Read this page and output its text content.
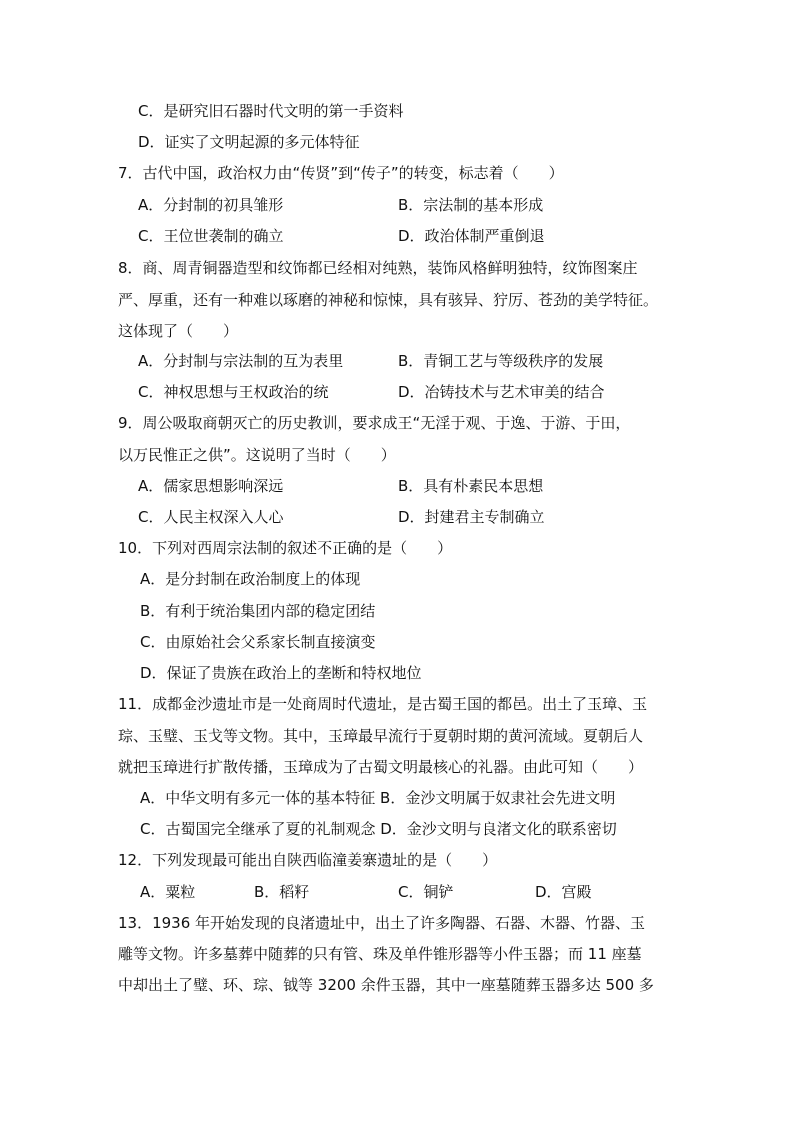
C．是研究旧石器时代文明的第一手资料
D．证实了文明起源的多元体特征
7．古代中国，政治权力由“传贤”到“传子”的转变，标志着（　　）
A．分封制的初具雏形	B．宗法制的基本形成
C．王位世袭制的确立	D．政治体制严重倒退
8．商、周青铜器造型和纹饰都已经相对纯熟，装饰风格鲜明独特，纹饰图案庄
严、厚重，还有一种难以琢磨的神秘和惊悚，具有骇异、狞厉、苍劲的美学特征。
这体现了（　　）
A．分封制与宗法制的互为表里	B．青铜工艺与等级秩序的发展
C．神权思想与王权政治的统	D．冶铸技术与艺术审美的结合
9．周公吸取商朝灭亡的历史教训，要求成王“无淫于观、于逸、于游、于田，
以万民惟正之供”。这说明了当时（　　）
A．儒家思想影响深远	B．具有朴素民本思想
C．人民主权深入人心	D．封建君主专制确立
10．下列对西周宗法制的叙述不正确的是（　　）
A．是分封制在政治制度上的体现
B．有利于统治集团内部的稳定团结
C．由原始社会父系家长制直接演变
D．保证了贵族在政治上的垄断和特权地位
11．成都金沙遗址市是一处商周时代遗址，是古蜀王国的都邑。出土了玉璋、玉
琮、玉璧、玉戈等文物。其中，玉璋最早流行于夏朝时期的黄河流域。夏朝后人
就把玉璋进行扩散传播，玉璋成为了古蜀文明最核心的礼器。由此可知（　　）
A．中华文明有多元一体的基本特征 B．金沙文明属于奴隶社会先进文明
C．古蜀国完全继承了夏的礼制观念 D．金沙文明与良渚文化的联系密切
12．下列发现最可能出自陕西临潼姜寨遗址的是（　　）
A．粟粒	B．稻籽	C．铜铲	D．宫殿
13．1936 年开始发现的良渚遗址中，出土了许多陶器、石器、木器、竹器、玉
雕等文物。许多墓葬中随葬的只有管、珠及单件锥形器等小件玉器；而 11 座墓
中却出土了璧、环、琮、钺等 3200 余件玉器，其中一座墓随葬玉器多达 500 多
